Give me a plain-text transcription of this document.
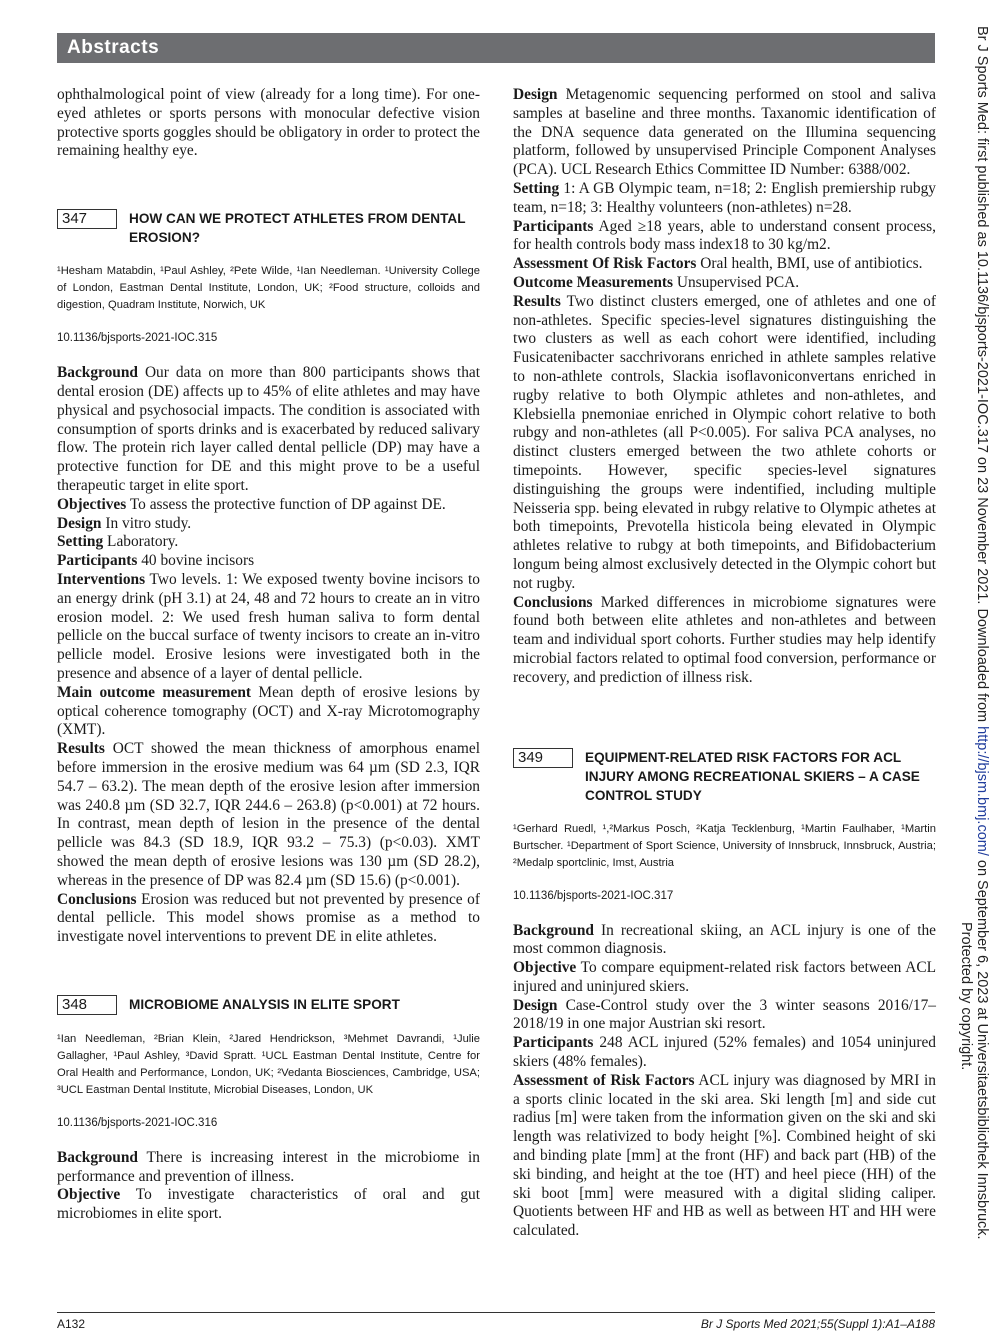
Abstracts

ophthalmological point of view (already for a long time). For one-eyed athletes or sports persons with monocular defective vision protective sports goggles should be obligatory in order to protect the remaining healthy eye.

347	HOW CAN WE PROTECT ATHLETES FROM DENTAL EROSION?
¹Hesham Matabdin, ¹Paul Ashley, ²Pete Wilde, ¹Ian Needleman. ¹University College of London, Eastman Dental Institute, London, UK; ²Food structure, colloids and digestion, Quadram Institute, Norwich, UK
10.1136/bjsports-2021-IOC.315

Background Our data on more than 800 participants shows that dental erosion (DE) affects up to 45% of elite athletes and may have physical and psychosocial impacts. The condition is associated with consumption of sports drinks and is exacerbated by reduced salivary flow. The protein rich layer called dental pellicle (DP) may have a protective function for DE and this might prove to be a useful therapeutic target in elite sport.

Objectives To assess the protective function of DP against DE.

Design In vitro study.

Setting Laboratory.

Participants 40 bovine incisors

Interventions Two levels. 1: We exposed twenty bovine incisors to an energy drink (pH 3.1) at 24, 48 and 72 hours to create an in vitro erosion model. 2: We used fresh human saliva to form dental pellicle on the buccal surface of twenty incisors to create an in-vitro pellicle model. Erosive lesions were investigated both in the presence and absence of a layer of dental pellicle.

Main outcome measurement Mean depth of erosive lesions by optical coherence tomography (OCT) and X-ray Microtomography (XMT).

Results OCT showed the mean thickness of amorphous enamel before immersion in the erosive medium was 64 µm (SD 2.3, IQR 54.7 – 63.2). The mean depth of the erosive lesion after immersion was 240.8 µm (SD 32.7, IQR 244.6 – 263.8) (p<0.001) at 72 hours. In contrast, mean depth of lesion in the presence of the dental pellicle was 84.3 (SD 18.9, IQR 93.2 – 75.3) (p<0.03). XMT showed the mean depth of erosive lesions was 130 µm (SD 28.2), whereas in the presence of DP was 82.4 µm (SD 15.6) (p<0.001).

Conclusions Erosion was reduced but not prevented by presence of dental pellicle. This model shows promise as a method to investigate novel interventions to prevent DE in elite athletes.

348	MICROBIOME ANALYSIS IN ELITE SPORT
¹Ian Needleman, ²Brian Klein, ²Jared Hendrickson, ³Mehmet Davrandi, ¹Julie Gallagher, ¹Paul Ashley, ³David Spratt. ¹UCL Eastman Dental Institute, Centre for Oral Health and Performance, London, UK; ²Vedanta Biosciences, Cambridge, USA; ³UCL Eastman Dental Institute, Microbial Diseases, London, UK
10.1136/bjsports-2021-IOC.316

Background There is increasing interest in the microbiome in performance and prevention of illness.

Objective To investigate characteristics of oral and gut microbiomes in elite sport.

Design Metagenomic sequencing performed on stool and saliva samples at baseline and three months. Taxanomic identification of the DNA sequence data generated on the Illumina sequencing platform, followed by unsupervised Principle Component Analyses (PCA). UCL Research Ethics Committee ID Number: 6388/002.

Setting 1: A GB Olympic team, n=18; 2: English premiership rubgy team, n=18; 3: Healthy volunteers (non-athletes) n=28.

Participants Aged ≥18 years, able to understand consent process, for health controls body mass index18 to 30 kg/m2.

Assessment Of Risk Factors Oral health, BMI, use of antibiotics.

Outcome Measurements Unsupervised PCA.

Results Two distinct clusters emerged, one of athletes and one of non-athletes. Specific species-level signatures distinguishing the two clusters as well as each cohort were identified, including Fusicatenibacter sacchrivorans enriched in athlete samples relative to non-athlete controls, Slackia isoflavoniconvertans enriched in rugby relative to both Olympic athletes and non-athletes, and Klebsiella pnemoniae enriched in Olympic cohort relative to both rubgy and non-athletes (all P<0.005). For saliva PCA analyses, no distinct clusters emerged between the two athlete cohorts or timepoints. However, specific species-level signatures distinguishing the groups were indentified, including multiple Neisseria spp. being elevated in rubgy relative to Olympic athetes at both timepoints, Prevotella histicola being elevated in Olympic athletes relative to rubgy at both timepoints, and Bifidobacterium longum being almost exclusively detected in the Olympic cohort but not rugby.

Conclusions Marked differences in microbiome signatures were found both between elite athletes and non-athletes and between team and individual sport cohorts. Further studies may help identify microbial factors related to optimal food conversion, performance or recovery, and prediction of illness risk.

349	EQUIPMENT-RELATED RISK FACTORS FOR ACL INJURY AMONG RECREATIONAL SKIERS – A CASE CONTROL STUDY
¹Gerhard Ruedl, ¹,²Markus Posch, ²Katja Tecklenburg, ¹Martin Faulhaber, ¹Martin Burtscher. ¹Department of Sport Science, University of Innsbruck, Innsbruck, Austria; ²Medalp sportclinic, Imst, Austria
10.1136/bjsports-2021-IOC.317

Background In recreational skiing, an ACL injury is one of the most common diagnosis.

Objective To compare equipment-related risk factors between ACL injured and uninjured skiers.

Design Case-Control study over the 3 winter seasons 2016/17–2018/19 in one major Austrian ski resort.

Participants 248 ACL injured (52% females) and 1054 uninjured skiers (48% females).

Assessment of Risk Factors ACL injury was diagnosed by MRI in a sports clinic located in the ski area. Ski length [m] and side cut radius [m] were taken from the information given on the ski and ski length was relativized to body height [%]. Combined height of ski and binding plate [mm] at the front (HF) and back part (HB) of the ski binding, and height at the toe (HT) and heel piece (HH) of the ski boot [mm] were measured with a digital sliding caliper. Quotients between HF and HB as well as between HT and HH were calculated.

A132	Br J Sports Med 2021;55(Suppl 1):A1–A188
Br J Sports Med: first published as 10.1136/bjsports-2021-IOC.317 on 23 November 2021. Downloaded from http://bjsm.bmj.com/ on September 6, 2023 at Universitaetsbibliothek Innsbruck.
Protected by copyright.
